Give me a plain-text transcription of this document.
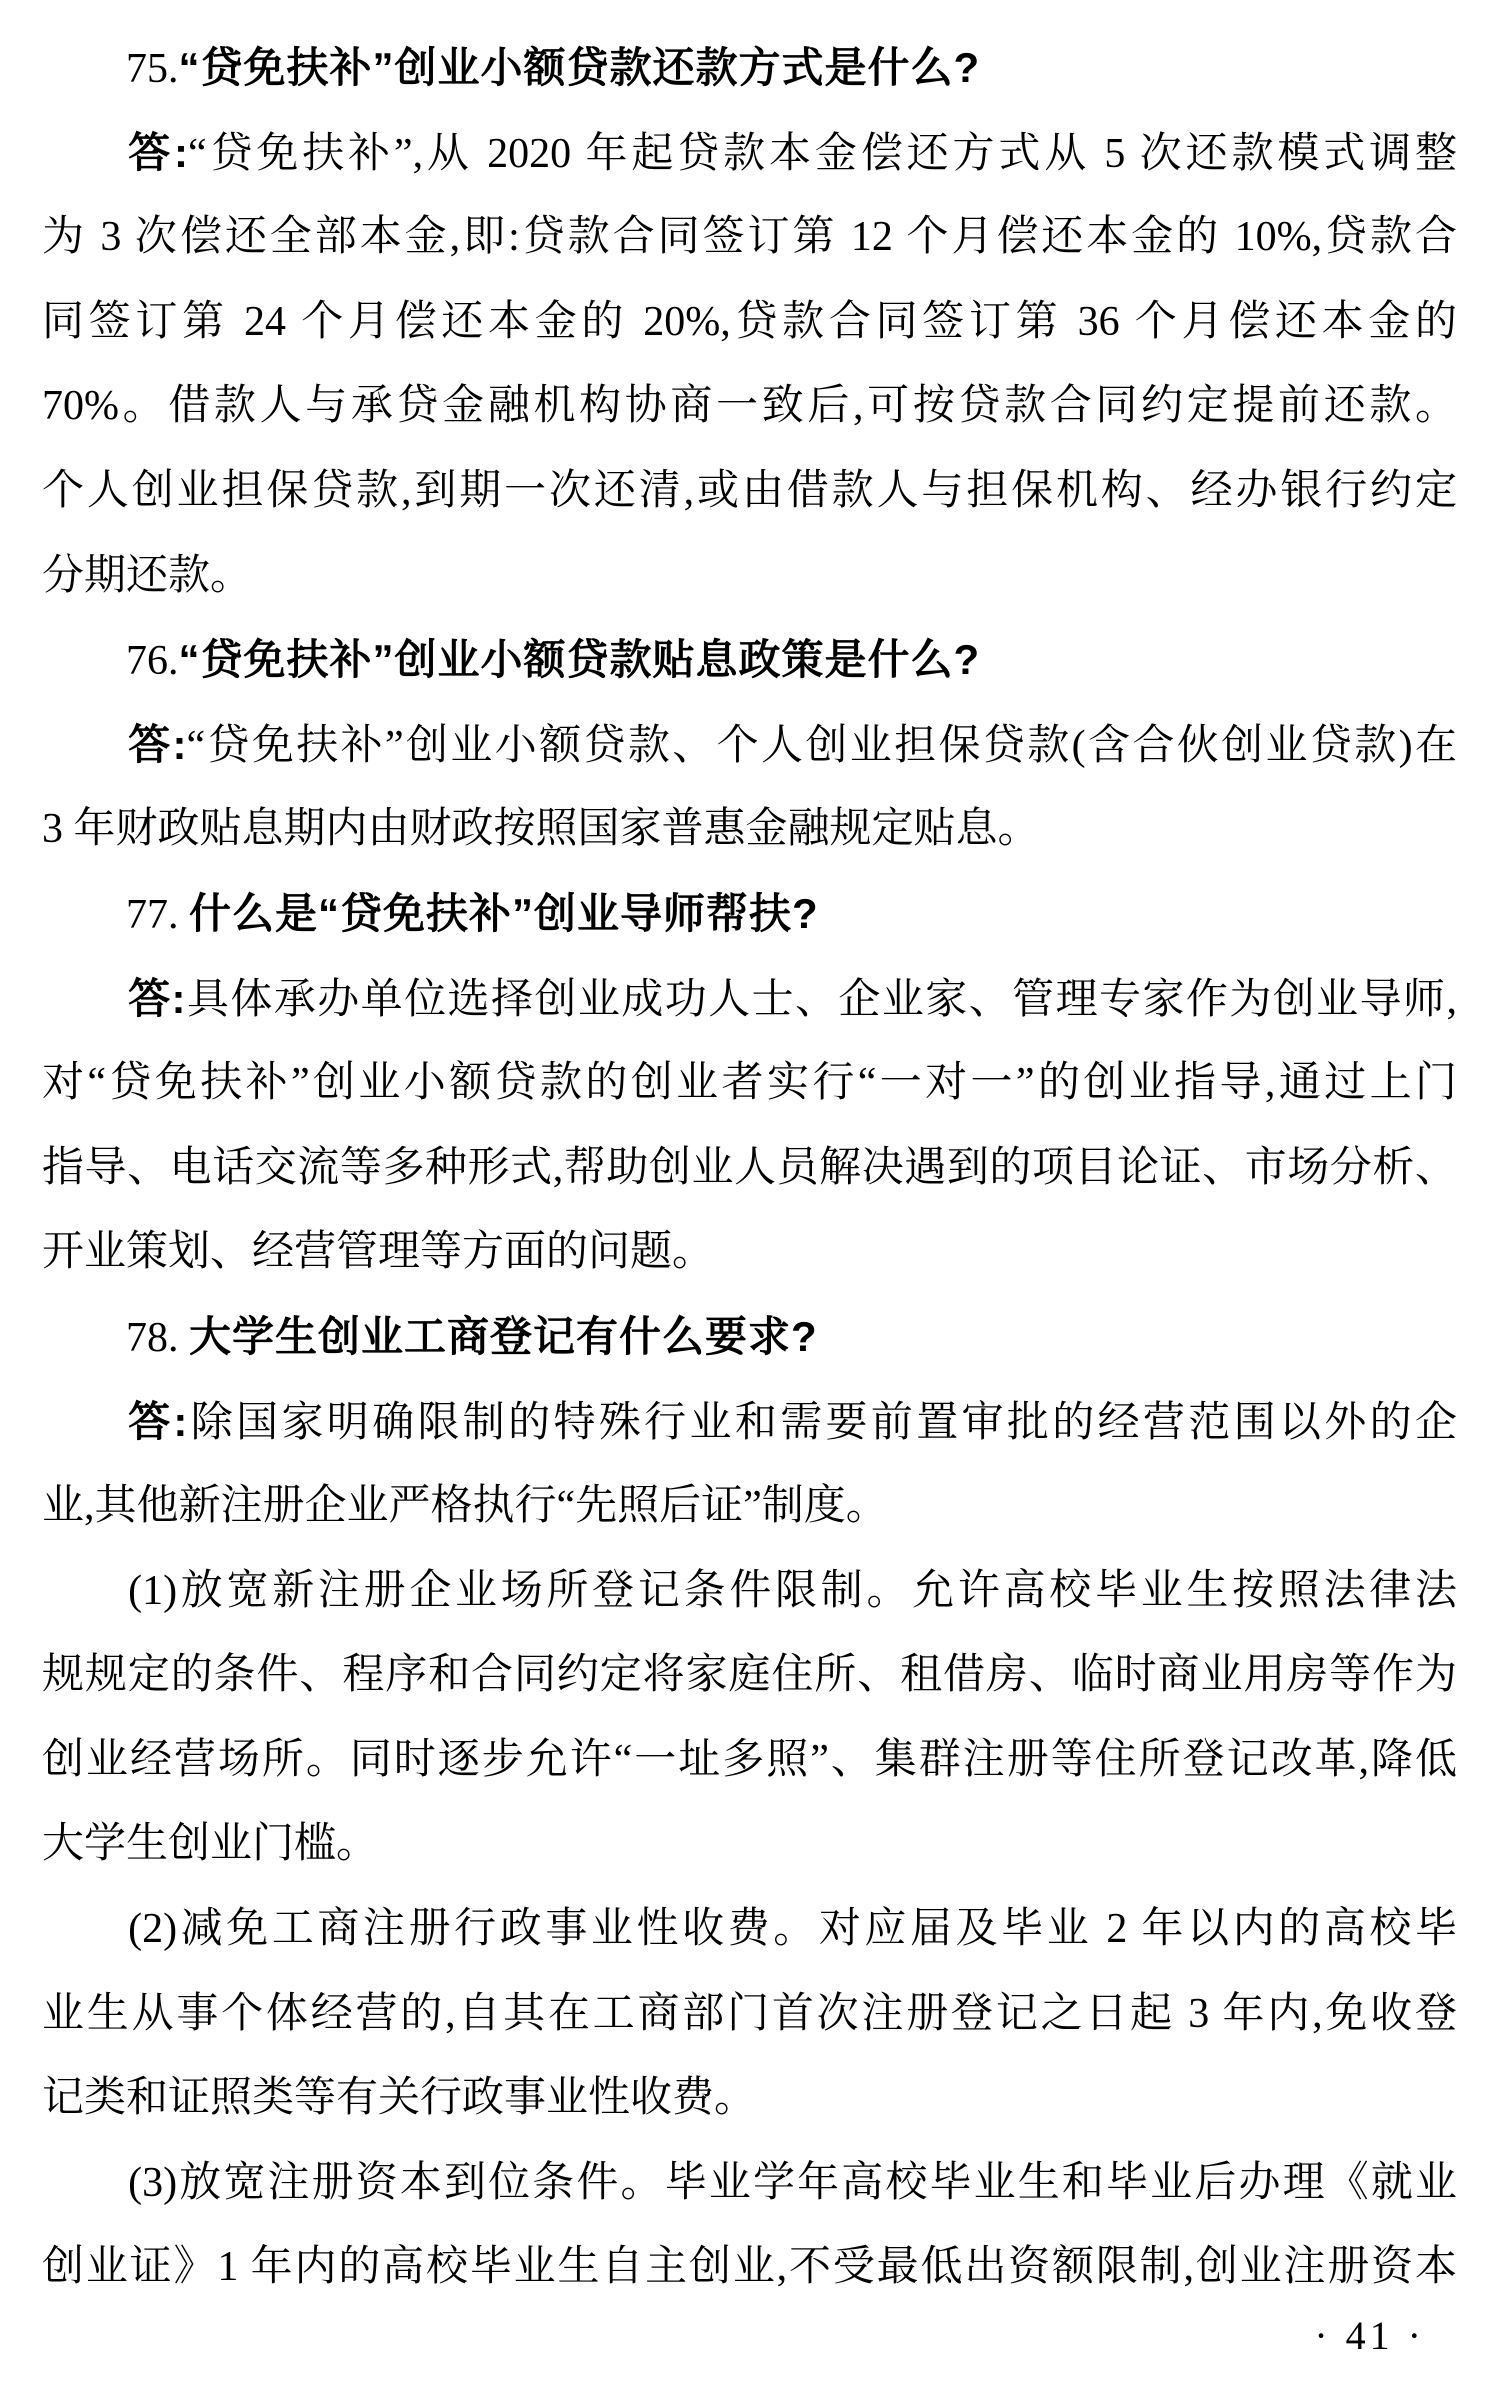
75.“贷免扶补”创业小额贷款还款方式是什么?
答:“贷免扶补”,从 2020 年起贷款本金偿还方式从 5 次还款模式调整
为 3 次偿还全部本金,即:贷款合同签订第 12 个月偿还本金的 10%,贷款合
同签订第 24 个月偿还本金的 20%,贷款合同签订第 36 个月偿还本金的
70%。借款人与承贷金融机构协商一致后,可按贷款合同约定提前还款。
个人创业担保贷款,到期一次还清,或由借款人与担保机构、经办银行约定
分期还款。
76.“贷免扶补”创业小额贷款贴息政策是什么?
答:“贷免扶补”创业小额贷款、个人创业担保贷款(含合伙创业贷款)在
3 年财政贴息期内由财政按照国家普惠金融规定贴息。
77. 什么是“贷免扶补”创业导师帮扶?
答:具体承办单位选择创业成功人士、企业家、管理专家作为创业导师,
对“贷免扶补”创业小额贷款的创业者实行“一对一”的创业指导,通过上门
指导、电话交流等多种形式,帮助创业人员解决遇到的项目论证、市场分析、
开业策划、经营管理等方面的问题。
78. 大学生创业工商登记有什么要求?
答:除国家明确限制的特殊行业和需要前置审批的经营范围以外的企
业,其他新注册企业严格执行“先照后证”制度。
(1)放宽新注册企业场所登记条件限制。允许高校毕业生按照法律法
规规定的条件、程序和合同约定将家庭住所、租借房、临时商业用房等作为
创业经营场所。同时逐步允许“一址多照”、集群注册等住所登记改革,降低
大学生创业门槛。
(2)减免工商注册行政事业性收费。对应届及毕业 2 年以内的高校毕
业生从事个体经营的,自其在工商部门首次注册登记之日起 3 年内,免收登
记类和证照类等有关行政事业性收费。
(3)放宽注册资本到位条件。毕业学年高校毕业生和毕业后办理《就业
创业证》1 年内的高校毕业生自主创业,不受最低出资额限制,创业注册资本
· 41 ·
